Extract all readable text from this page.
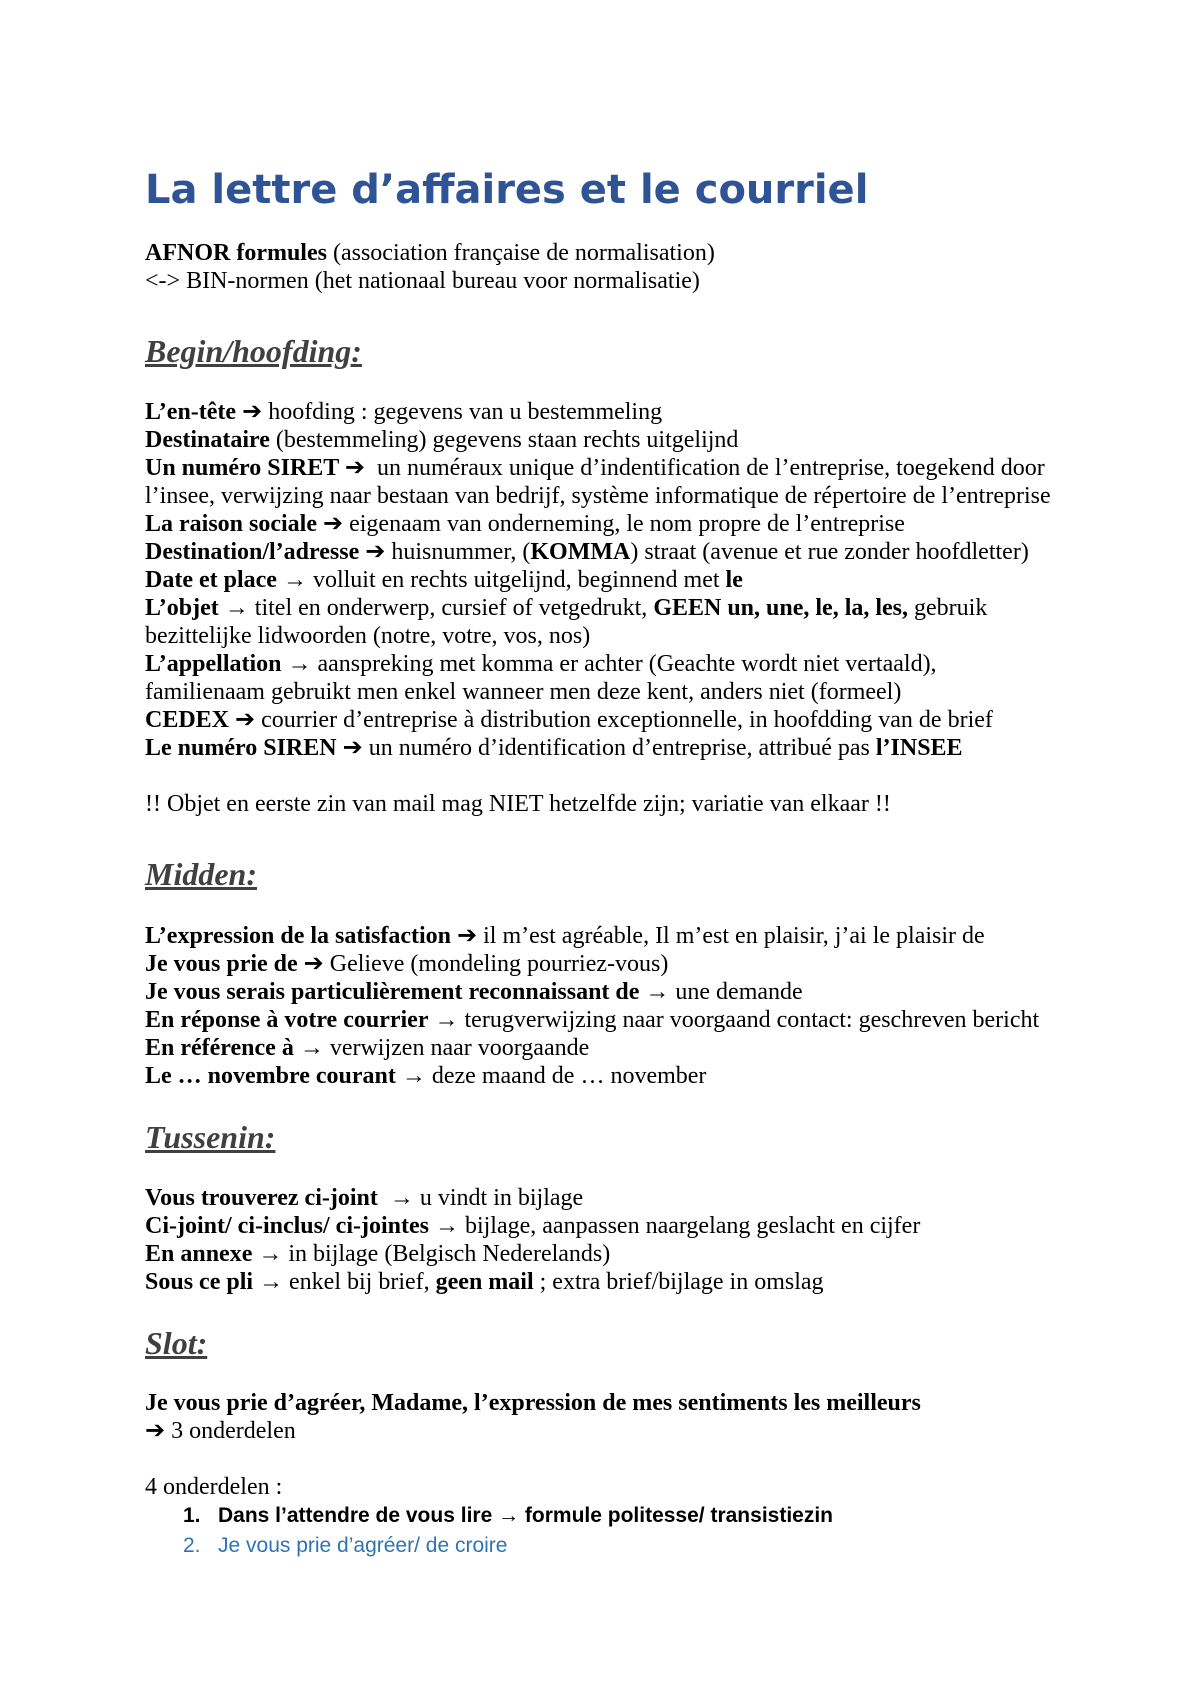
La lettre d’affaires et le courriel
AFNOR formules (association française de normalisation)
<-> BIN-normen (het nationaal bureau voor normalisatie)
Begin/hoofding:
L’en-tête ➔ hoofding : gegevens van u bestemmeling
Destinataire (bestemmeling) gegevens staan rechts uitgelijnd
Un numéro SIRET ➔  un numéraux unique d’indentification de l’entreprise, toegekend door
l’insee, verwijzing naar bestaan van bedrijf, système informatique de répertoire de l’entreprise
La raison sociale ➔ eigenaam van onderneming, le nom propre de l’entreprise
Destination/l’adresse ➔ huisnummer, (KOMMA) straat (avenue et rue zonder hoofdletter)
Date et place → volluit en rechts uitgelijnd, beginnend met le
L’objet → titel en onderwerp, cursief of vetgedrukt, GEEN un, une, le, la, les, gebruik
bezittelijke lidwoorden (notre, votre, vos, nos)
L’appellation → aanspreking met komma er achter (Geachte wordt niet vertaald),
familienaam gebruikt men enkel wanneer men deze kent, anders niet (formeel)
CEDEX ➔ courrier d’entreprise à distribution exceptionnelle, in hoofdding van de brief
Le numéro SIREN ➔ un numéro d’identification d’entreprise, attribué pas l’INSEE
!! Objet en eerste zin van mail mag NIET hetzelfde zijn; variatie van elkaar !!
Midden:
L’expression de la satisfaction ➔ il m’est agréable, Il m’est en plaisir, j’ai le plaisir de
Je vous prie de ➔ Gelieve (mondeling pourriez-vous)
Je vous serais particulièrement reconnaissant de → une demande
En réponse à votre courrier → terugverwijzing naar voorgaand contact: geschreven bericht
En référence à → verwijzen naar voorgaande
Le … novembre courant → deze maand de … november
Tussenin:
Vous trouverez ci-joint  → u vindt in bijlage
Ci-joint/ ci-inclus/ ci-jointes → bijlage, aanpassen naargelang geslacht en cijfer
En annexe → in bijlage (Belgisch Nederelands)
Sous ce pli → enkel bij brief, geen mail ; extra brief/bijlage in omslag
Slot:
Je vous prie d’agréer, Madame, l’expression de mes sentiments les meilleurs
➔ 3 onderdelen
4 onderdelen :
1. Dans l’attendre de vous lire → formule politesse/ transistiezin
2. Je vous prie d’agréer/ de croire
